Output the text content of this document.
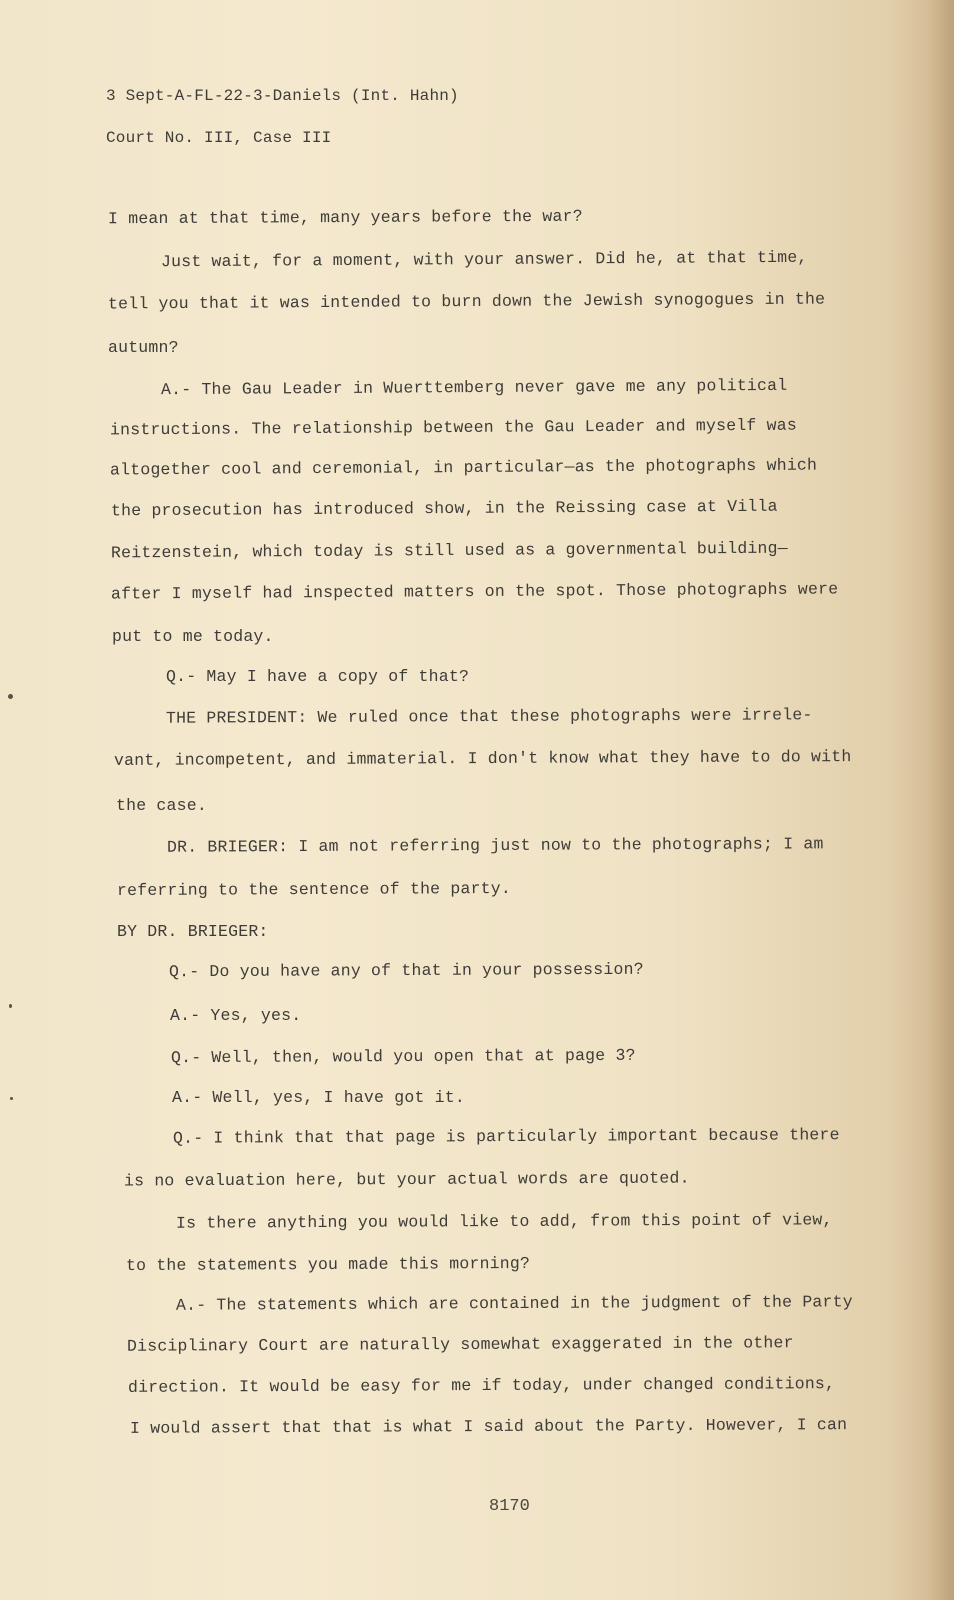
3 Sept-A-FL-22-3-Daniels (Int. Hahn)
Court No. III, Case III
I mean at that time, many years before the war?
Just wait, for a moment, with your answer. Did he, at that time,
tell you that it was intended to burn down the Jewish synogogues in the
autumn?
A.- The Gau Leader in Wuerttemberg never gave me any political
instructions. The relationship between the Gau Leader and myself was
altogether cool and ceremonial, in particular—as the photographs which
the prosecution has introduced show, in the Reissing case at Villa
Reitzenstein, which today is still used as a governmental building—
after I myself had inspected matters on the spot. Those photographs were
put to me today.
Q.- May I have a copy of that?
THE PRESIDENT: We ruled once that these photographs were irrele-
vant, incompetent, and immaterial. I don't know what they have to do with
the case.
DR. BRIEGER: I am not referring just now to the photographs; I am
referring to the sentence of the party.
BY DR. BRIEGER:
Q.- Do you have any of that in your possession?
A.- Yes, yes.
Q.- Well, then, would you open that at page 3?
A.- Well, yes, I have got it.
Q.- I think that that page is particularly important because there
is no evaluation here, but your actual words are quoted.
Is there anything you would like to add, from this point of view,
to the statements you made this morning?
A.- The statements which are contained in the judgment of the Party
Disciplinary Court are naturally somewhat exaggerated in the other
direction. It would be easy for me if today, under changed conditions,
I would assert that that is what I said about the Party. However, I can
8170
